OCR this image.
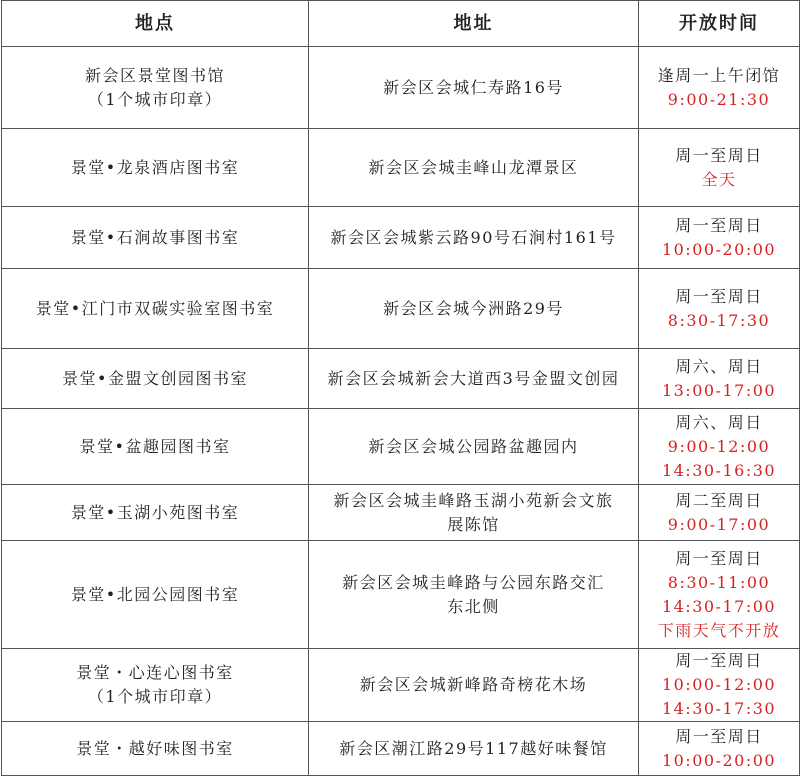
地点	地址	开放时间

新会区景堂图书馆
（1个城市印章）	新会区会城仁寿路16号	逢周一上午闭馆
9:00-21:30

景堂•龙泉酒店图书室	新会区会城圭峰山龙潭景区	周一至周日
全天

景堂•石涧故事图书室	新会区会城紫云路90号石涧村161号	周一至周日
10:00-20:00

景堂•江门市双碳实验室图书室	新会区会城今洲路29号	周一至周日
8:30-17:30

景堂•金盟文创园图书室	新会区会城新会大道西3号金盟文创园	周六、周日
13:00-17:00

景堂•盆趣园图书室	新会区会城公园路盆趣园内	周六、周日
9:00-12:00
14:30-16:30

景堂•玉湖小苑图书室	新会区会城圭峰路玉湖小苑新会文旅
展陈馆	周二至周日
9:00-17:00

景堂•北园公园图书室	新会区会城圭峰路与公园东路交汇
东北侧	周一至周日
8:30-11:00
14:30-17:00
下雨天气不开放

景堂・心连心图书室
（1个城市印章）	新会区会城新峰路奇榜花木场	周一至周日
10:00-12:00
14:30-17:30

景堂・越好味图书室	新会区潮江路29号117越好味餐馆	周一至周日
10:00-20:00
